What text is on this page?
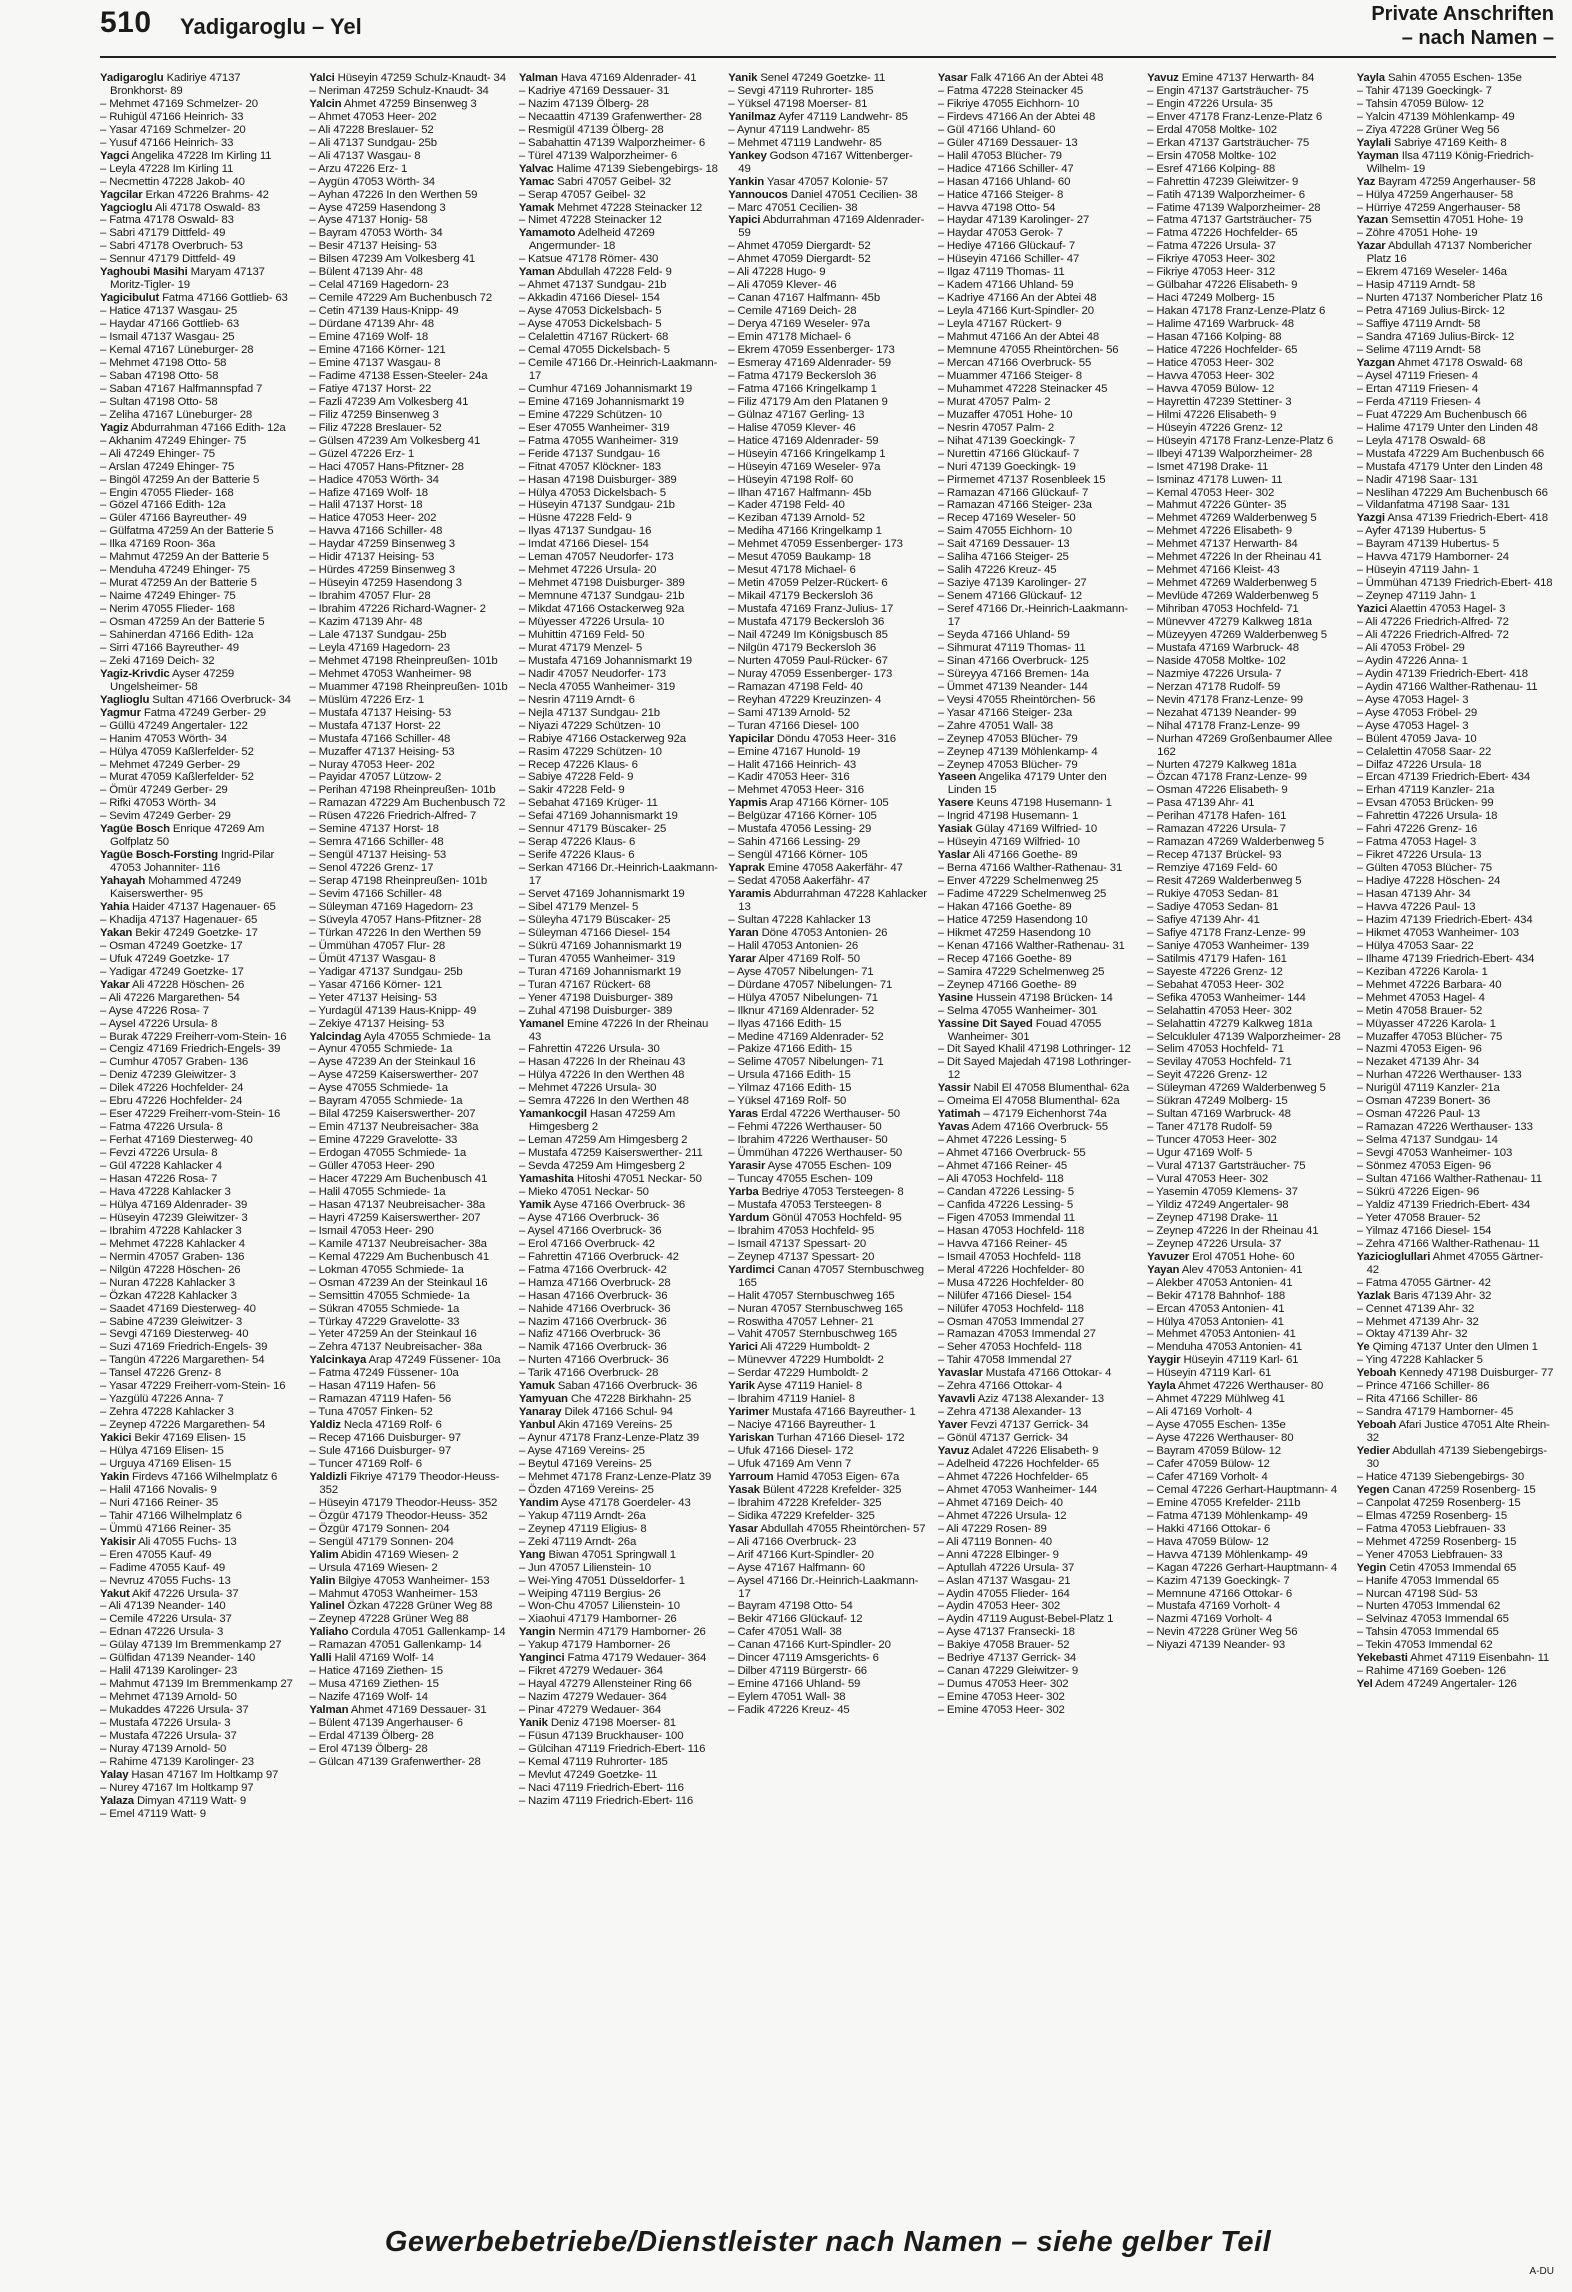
510 Yadigaroglu – Yel	Private Anschriften
– nach Namen –

Yadigaroglu Kadiriye 47137 Bronkhorst- 89

– Mehmet 47169 Schmelzer- 20

– Ruhigül 47166 Heinrich- 33

– Yasar 47169 Schmelzer- 20

– Yusuf 47166 Heinrich- 33

Yagci Angelika 47228 Im Kirling 11

– Leyla 47228 Im Kirling 11

– Necmettin 47228 Jakob- 40

Yagcilar Erkan 47226 Brahms- 42

Yagcioglu Ali 47178 Oswald- 83

– Fatma 47178 Oswald- 83

– Sabri 47179 Dittfeld- 49

– Sabri 47178 Overbruch- 53

– Sennur 47179 Dittfeld- 49

Yaghoubi Masihi Maryam 47137 Moritz-Tigler- 19

Yagicibulut Fatma 47166 Gottlieb- 63

– Hatice 47137 Wasgau- 25

– Haydar 47166 Gottlieb- 63

– Ismail 47137 Wasgau- 25

– Kemal 47167 Lüneburger- 28

– Mehmet 47198 Otto- 58

– Saban 47198 Otto- 58

– Saban 47167 Halfmannspfad 7

– Sultan 47198 Otto- 58

– Zeliha 47167 Lüneburger- 28

Yagiz Abdurrahman 47166 Edith- 12a

– Akhanim 47249 Ehinger- 75

– Ali 47249 Ehinger- 75

– Arslan 47249 Ehinger- 75

– Bingöl 47259 An der Batterie 5

– Engin 47055 Flieder- 168

– Gözel 47166 Edith- 12a

– Güler 47166 Bayreuther- 49

– Gülfatma 47259 An der Batterie 5

– Ilka 47169 Roon- 36a

– Mahmut 47259 An der Batterie 5

– Menduha 47249 Ehinger- 75

– Murat 47259 An der Batterie 5

– Naime 47249 Ehinger- 75

– Nerim 47055 Flieder- 168

– Osman 47259 An der Batterie 5

– Sahinerdan 47166 Edith- 12a

– Sirri 47166 Bayreuther- 49

– Zeki 47169 Deich- 32

Yagiz-Krivdic Ayser 47259 Ungelsheimer- 58

Yaglioglu Sultan 47166 Overbruck- 34

Yagmur Fatma 47249 Gerber- 29

– Güllü 47249 Angertaler- 122

– Hanim 47053 Wörth- 34

– Hülya 47059 Kaßlerfelder- 52

– Mehmet 47249 Gerber- 29

– Murat 47059 Kaßlerfelder- 52

– Ömür 47249 Gerber- 29

– Rifki 47053 Wörth- 34

– Sevim 47249 Gerber- 29

Yagüe Bosch Enrique 47269 Am Golfplatz 50

Yagüe Bosch-Forsting Ingrid-Pilar 47053 Johanniter- 116

Yahayah Mohammed 47249 Kaiserswerther- 95

Yahia Haider 47137 Hagenauer- 65

– Khadija 47137 Hagenauer- 65

Yakan Bekir 47249 Goetzke- 17

– Osman 47249 Goetzke- 17

– Ufuk 47249 Goetzke- 17

– Yadigar 47249 Goetzke- 17

Yakar Ali 47228 Höschen- 26

– Ali 47226 Margarethen- 54

– Ayse 47226 Rosa- 7

– Aysel 47226 Ursula- 8

– Burak 47229 Freiherr-vom-Stein- 16

– Cengiz 47169 Friedrich-Engels- 39

– Cumhur 47057 Graben- 136

– Deniz 47239 Gleiwitzer- 3

– Dilek 47226 Hochfelder- 24

– Ebru 47226 Hochfelder- 24

– Eser 47229 Freiherr-vom-Stein- 16

– Fatma 47226 Ursula- 8

– Ferhat 47169 Diesterweg- 40

– Fevzi 47226 Ursula- 8

– Gül 47228 Kahlacker 4

– Hasan 47226 Rosa- 7

– Hava 47228 Kahlacker 3

– Hülya 47169 Aldenrader- 39

– Hüseyin 47239 Gleiwitzer- 3

– Ibrahim 47228 Kahlacker 3

– Mehmet 47228 Kahlacker 4

– Nermin 47057 Graben- 136

– Nilgün 47228 Höschen- 26

– Nuran 47228 Kahlacker 3

– Özkan 47228 Kahlacker 3

– Saadet 47169 Diesterweg- 40

– Sabine 47239 Gleiwitzer- 3

– Sevgi 47169 Diesterweg- 40

– Suzi 47169 Friedrich-Engels- 39

– Tangün 47226 Margarethen- 54

– Tansel 47226 Grenz- 8

– Yasar 47229 Freiherr-vom-Stein- 16

– Yazgülü 47226 Anna- 7

– Zehra 47228 Kahlacker 3

– Zeynep 47226 Margarethen- 54

Yakici Bekir 47169 Elisen- 15

– Hülya 47169 Elisen- 15

– Urguya 47169 Elisen- 15

Yakin Firdevs 47166 Wilhelmplatz 6

– Halil 47166 Novalis- 9

– Nuri 47166 Reiner- 35

– Tahir 47166 Wilhelmplatz 6

– Ümmü 47166 Reiner- 35

Yakisir Ali 47055 Fuchs- 13

– Eren 47055 Kauf- 49

– Fadime 47055 Kauf- 49

– Nevruz 47055 Fuchs- 13

Yakut Akif 47226 Ursula- 37

– Ali 47139 Neander- 140

– Cemile 47226 Ursula- 37

– Ednan 47226 Ursula- 3

– Gülay 47139 Im Bremmenkamp 27

– Gülfidan 47139 Neander- 140

– Halil 47139 Karolinger- 23

– Mahmut 47139 Im Bremmenkamp 27

– Mehmet 47139 Arnold- 50

– Mukaddes 47226 Ursula- 37

– Mustafa 47226 Ursula- 3

– Mustafa 47226 Ursula- 37

– Nuray 47139 Arnold- 50

– Rahime 47139 Karolinger- 23

Yalay Hasan 47167 Im Holtkamp 97

– Nurey 47167 Im Holtkamp 97

Yalaza Dimyan 47119 Watt- 9

– Emel 47119 Watt- 9

Yalci Hüseyin 47259 Schulz-Knaudt- 34

– Neriman 47259 Schulz-Knaudt- 34

Yalcin Ahmet 47259 Binsenweg 3

– Ahmet 47053 Heer- 202

– Ali 47228 Breslauer- 52

– Ali 47137 Sundgau- 25b

– Ali 47137 Wasgau- 8

– Arzu 47226 Erz- 1

– Aygün 47053 Wörth- 34

– Ayhan 47226 In den Werthen 59

– Ayse 47259 Hasendong 3

– Ayse 47137 Honig- 58

– Bayram 47053 Wörth- 34

– Besir 47137 Heising- 53

– Bilsen 47239 Am Volkesberg 41

– Bülent 47139 Ahr- 48

– Celal 47169 Hagedorn- 23

– Cemile 47229 Am Buchenbusch 72

– Cetin 47139 Haus-Knipp- 49

– Dürdane 47139 Ahr- 48

– Emine 47169 Wolf- 18

– Emine 47166 Körner- 121

– Emine 47137 Wasgau- 8

– Fadime 47138 Essen-Steeler- 24a

– Fatiye 47137 Horst- 22

– Fazli 47239 Am Volkesberg 41

– Filiz 47259 Binsenweg 3

– Filiz 47228 Breslauer- 52

– Gülsen 47239 Am Volkesberg 41

– Güzel 47226 Erz- 1

– Haci 47057 Hans-Pfitzner- 28

– Hadice 47053 Wörth- 34

– Hafize 47169 Wolf- 18

– Halil 47137 Horst- 18

– Hatice 47053 Heer- 202

– Havva 47166 Schiller- 48

– Haydar 47259 Binsenweg 3

– Hidir 47137 Heising- 53

– Hürdes 47259 Binsenweg 3

– Hüseyin 47259 Hasendong 3

– Ibrahim 47057 Flur- 28

– Ibrahim 47226 Richard-Wagner- 2

– Kazim 47139 Ahr- 48

– Lale 47137 Sundgau- 25b

– Leyla 47169 Hagedorn- 23

– Mehmet 47198 Rheinpreußen- 101b

– Mehmet 47053 Wanheimer- 98

– Muammer 47198 Rheinpreußen- 101b

– Müslüm 47226 Erz- 1

– Mustafa 47137 Heising- 53

– Mustafa 47137 Horst- 22

– Mustafa 47166 Schiller- 48

– Muzaffer 47137 Heising- 53

– Nuray 47053 Heer- 202

– Payidar 47057 Lützow- 2

– Perihan 47198 Rheinpreußen- 101b

– Ramazan 47229 Am Buchenbusch 72

– Rüsen 47226 Friedrich-Alfred- 7

– Semine 47137 Horst- 18

– Semra 47166 Schiller- 48

– Sengül 47137 Heising- 53

– Senol 47226 Grenz- 17

– Serap 47198 Rheinpreußen- 101b

– Sevim 47166 Schiller- 48

– Süleyman 47169 Hagedorn- 23

– Süveyla 47057 Hans-Pfitzner- 28

– Türkan 47226 In den Werthen 59

– Ümmühan 47057 Flur- 28

– Ümüt 47137 Wasgau- 8

– Yadigar 47137 Sundgau- 25b

– Yasar 47166 Körner- 121

– Yeter 47137 Heising- 53

– Yurdagül 47139 Haus-Knipp- 49

– Zekiye 47137 Heising- 53

Yalcindag Ayla 47055 Schmiede- 1a

– Aynur 47055 Schmiede- 1a

– Ayse 47239 An der Steinkaul 16

– Ayse 47259 Kaiserswerther- 207

– Ayse 47055 Schmiede- 1a

– Bayram 47055 Schmiede- 1a

– Bilal 47259 Kaiserswerther- 207

– Emin 47137 Neubreisacher- 38a

– Emine 47229 Gravelotte- 33

– Erdogan 47055 Schmiede- 1a

– Güller 47053 Heer- 290

– Hacer 47229 Am Buchenbusch 41

– Halil 47055 Schmiede- 1a

– Hasan 47137 Neubreisacher- 38a

– Hayri 47259 Kaiserswerther- 207

– Ismail 47053 Heer- 290

– Kamile 47137 Neubreisacher- 38a

– Kemal 47229 Am Buchenbusch 41

– Lokman 47055 Schmiede- 1a

– Osman 47239 An der Steinkaul 16

– Semsittin 47055 Schmiede- 1a

– Sükran 47055 Schmiede- 1a

– Türkay 47229 Gravelotte- 33

– Yeter 47259 An der Steinkaul 16

– Zehra 47137 Neubreisacher- 38a

Yalcinkaya Arap 47249 Füssener- 10a

– Fatma 47249 Füssener- 10a

– Hasan 47119 Hafen- 56

– Ramazan 47119 Hafen- 56

– Tuna 47057 Finken- 52

Yaldiz Necla 47169 Rolf- 6

– Recep 47166 Duisburger- 97

– Sule 47166 Duisburger- 97

– Tuncer 47169 Rolf- 6

Yaldizli Fikriye 47179 Theodor-Heuss- 352

– Hüseyin 47179 Theodor-Heuss- 352

– Özgür 47179 Theodor-Heuss- 352

– Özgür 47179 Sonnen- 204

– Sengül 47179 Sonnen- 204

Yalim Abidin 47169 Wiesen- 2

– Ursula 47169 Wiesen- 2

Yalin Bilgiye 47053 Wanheimer- 153

– Mahmut 47053 Wanheimer- 153

Yalinel Özkan 47228 Grüner Weg 88

– Zeynep 47228 Grüner Weg 88

Yaliaho Cordula 47051 Gallenkamp- 14

– Ramazan 47051 Gallenkamp- 14

Yalli Halil 47169 Wolf- 14

– Hatice 47169 Ziethen- 15

– Musa 47169 Ziethen- 15

– Nazife 47169 Wolf- 14

Yalman Ahmet 47169 Dessauer- 31

– Bülent 47139 Angerhauser- 6

– Erdal 47139 Ölberg- 28

– Erol 47139 Ölberg- 28

– Gülcan 47139 Grafenwerther- 28

Yalman Hava 47169 Aldenrader- 41

– Kadriye 47169 Dessauer- 31

– Nazim 47139 Ölberg- 28

– Necaattin 47139 Grafenwerther- 28

– Resmigül 47139 Ölberg- 28

– Sabahattin 47139 Walporzheimer- 6

– Türel 47139 Walporzheimer- 6

Yalvac Halime 47139 Siebengebirgs- 18

Yamac Sabri 47057 Geibel- 32

– Serap 47057 Geibel- 32

Yamak Mehmet 47228 Steinacker 12

– Nimet 47228 Steinacker 12

Yamamoto Adelheid 47269 Angermunder- 18

– Katsue 47178 Römer- 430

Yaman Abdullah 47228 Feld- 9

– Ahmet 47137 Sundgau- 21b

– Akkadin 47166 Diesel- 154

– Ayse 47053 Dickelsbach- 5

– Ayse 47053 Dickelsbach- 5

– Celalettin 47167 Rückert- 68

– Cemal 47055 Dickelsbach- 5

– Cemile 47166 Dr.-Heinrich-Laakmann- 17

– Cumhur 47169 Johannismarkt 19

– Emine 47169 Johannismarkt 19

– Emine 47229 Schützen- 10

– Eser 47055 Wanheimer- 319

– Fatma 47055 Wanheimer- 319

– Feride 47137 Sundgau- 16

– Fitnat 47057 Klöckner- 183

– Hasan 47198 Duisburger- 389

– Hülya 47053 Dickelsbach- 5

– Hüseyin 47137 Sundgau- 21b

– Hüsne 47228 Feld- 9

– Ilyas 47137 Sundgau- 16

– Imdat 47166 Diesel- 154

– Leman 47057 Neudorfer- 173

– Mehmet 47226 Ursula- 20

– Mehmet 47198 Duisburger- 389

– Memnune 47137 Sundgau- 21b

– Mikdat 47166 Ostackerweg 92a

– Müyesser 47226 Ursula- 10

– Muhittin 47169 Feld- 50

– Murat 47179 Menzel- 5

– Mustafa 47169 Johannismarkt 19

– Nadir 47057 Neudorfer- 173

– Necla 47055 Wanheimer- 319

– Nesrin 47119 Arndt- 6

– Nejla 47137 Sundgau- 21b

– Niyazi 47229 Schützen- 10

– Rabiye 47166 Ostackerweg 92a

– Rasim 47229 Schützen- 10

– Recep 47226 Klaus- 6

– Sabiye 47228 Feld- 9

– Sakir 47228 Feld- 9

– Sebahat 47169 Krüger- 11

– Sefai 47169 Johannismarkt 19

– Sennur 47179 Büscaker- 25

– Serap 47226 Klaus- 6

– Serife 47226 Klaus- 6

– Serkan 47166 Dr.-Heinrich-Laakmann- 17

– Servet 47169 Johannismarkt 19

– Sibel 47179 Menzel- 5

– Süleyha 47179 Büscaker- 25

– Süleyman 47166 Diesel- 154

– Sükrü 47169 Johannismarkt 19

– Turan 47055 Wanheimer- 319

– Turan 47169 Johannismarkt 19

– Turan 47167 Rückert- 68

– Yener 47198 Duisburger- 389

– Zuhal 47198 Duisburger- 389

Yamanel Emine 47226 In der Rheinau 43

– Fahrettin 47226 Ursula- 30

– Hasan 47226 In der Rheinau 43

– Hülya 47226 In den Werthen 48

– Mehmet 47226 Ursula- 30

– Semra 47226 In den Werthen 48

Yamankocgil Hasan 47259 Am Himgesberg 2

– Leman 47259 Am Himgesberg 2

– Mustafa 47259 Kaiserswerther- 211

– Sevda 47259 Am Himgesberg 2

Yamashita Hitoshi 47051 Neckar- 50

– Mieko 47051 Neckar- 50

Yamik Ayse 47166 Overbruck- 36

– Ayse 47166 Overbruck- 36

– Aysel 47166 Overbruck- 36

– Erol 47166 Overbruck- 42

– Fahrettin 47166 Overbruck- 42

– Fatma 47166 Overbruck- 42

– Hamza 47166 Overbruck- 28

– Hasan 47166 Overbruck- 36

– Nahide 47166 Overbruck- 36

– Nazim 47166 Overbruck- 36

– Nafiz 47166 Overbruck- 36

– Namik 47166 Overbruck- 36

– Nurten 47166 Overbruck- 36

– Tarik 47166 Overbruck- 28

Yamuk Saban 47166 Overbruck- 36

Yamyuan Che 47228 Birkhahn- 25

Yanaray Dilek 47166 Schul- 94

Yanbul Akin 47169 Vereins- 25

– Aynur 47178 Franz-Lenze-Platz 39

– Ayse 47169 Vereins- 25

– Beytul 47169 Vereins- 25

– Mehmet 47178 Franz-Lenze-Platz 39

– Özden 47169 Vereins- 25

Yandim Ayse 47178 Goerdeler- 43

– Yakup 47119 Arndt- 26a

– Zeynep 47119 Eligius- 8

– Zeki 47119 Arndt- 26a

Yang Biwan 47051 Springwall 1

– Jun 47057 Lilienstein- 10

– Wei-Ying 47051 Düsseldorfer- 1

– Weiping 47119 Bergius- 26

– Won-Chu 47057 Lilienstein- 10

– Xiaohui 47179 Hamborner- 26

Yangin Nermin 47179 Hamborner- 26

– Yakup 47179 Hamborner- 26

Yanginci Fatma 47179 Wedauer- 364

– Fikret 47279 Wedauer- 364

– Hayal 47279 Allensteiner Ring 66

– Nazim 47279 Wedauer- 364

– Pinar 47279 Wedauer- 364

Yanik Deniz 47198 Moerser- 81

– Füsun 47139 Bruckhauser- 100

– Gülcihan 47119 Friedrich-Ebert- 116

– Kemal 47119 Ruhrorter- 185

– Mevlut 47249 Goetzke- 11

– Naci 47119 Friedrich-Ebert- 116

– Nazim 47119 Friedrich-Ebert- 116

Yanik Senel 47249 Goetzke- 11

– Sevgi 47119 Ruhrorter- 185

– Yüksel 47198 Moerser- 81

Yanilmaz Ayfer 47119 Landwehr- 85

– Aynur 47119 Landwehr- 85

– Mehmet 47119 Landwehr- 85

Yankey Godson 47167 Wittenberger- 49

Yankin Yasar 47057 Kolonie- 57

Yannoucos Daniel 47051 Cecilien- 38

– Marc 47051 Cecilien- 38

Yapici Abdurrahman 47169 Aldenrader- 59

– Ahmet 47059 Diergardt- 52

– Ahmet 47059 Diergardt- 52

– Ali 47228 Hugo- 9

– Ali 47059 Klever- 46

– Canan 47167 Halfmann- 45b

– Cemile 47169 Deich- 28

– Derya 47169 Weseler- 97a

– Emin 47178 Michael- 6

– Ekrem 47059 Essenberger- 173

– Esmeray 47169 Aldenrader- 59

– Fatma 47179 Beckersloh 36

– Fatma 47166 Kringelkamp 1

– Filiz 47179 Am den Platanen 9

– Gülnaz 47167 Gerling- 13

– Halise 47059 Klever- 46

– Hatice 47169 Aldenrader- 59

– Hüseyin 47166 Kringelkamp 1

– Hüseyin 47169 Weseler- 97a

– Hüseyin 47198 Rolf- 60

– Ilhan 47167 Halfmann- 45b

– Kader 47198 Feld- 40

– Keziban 47139 Arnold- 52

– Mediha 47166 Kringelkamp 1

– Mehmet 47059 Essenberger- 173

– Mesut 47059 Baukamp- 18

– Mesut 47178 Michael- 6

– Metin 47059 Pelzer-Rückert- 6

– Mikail 47179 Beckersloh 36

– Mustafa 47169 Franz-Julius- 17

– Mustafa 47179 Beckersloh 36

– Nail 47249 Im Königsbusch 85

– Nilgün 47179 Beckersloh 36

– Nurten 47059 Paul-Rücker- 67

– Nuray 47059 Essenberger- 173

– Ramazan 47198 Feld- 40

– Reyhan 47229 Kreuzinzen- 4

– Sami 47139 Arnold- 52

– Turan 47166 Diesel- 100

Yapicilar Döndu 47053 Heer- 316

– Emine 47167 Hunold- 19

– Halit 47166 Heinrich- 43

– Kadir 47053 Heer- 316

– Mehmet 47053 Heer- 316

Yapmis Arap 47166 Körner- 105

– Belgüzar 47166 Körner- 105

– Mustafa 47056 Lessing- 29

– Sahin 47166 Lessing- 29

– Sengül 47166 Körner- 105

Yaprak Emine 47058 Aakerfähr- 47

– Sedat 47058 Aakerfähr- 47

Yaramis Abdurrahman 47228 Kahlacker 13

– Sultan 47228 Kahlacker 13

Yaran Döne 47053 Antonien- 26

– Halil 47053 Antonien- 26

Yarar Alper 47169 Rolf- 50

– Ayse 47057 Nibelungen- 71

– Dürdane 47057 Nibelungen- 71

– Hülya 47057 Nibelungen- 71

– Ilknur 47169 Aldenrader- 52

– Ilyas 47166 Edith- 15

– Medine 47169 Aldenrader- 52

– Pakize 47166 Edith- 15

– Selime 47057 Nibelungen- 71

– Ursula 47166 Edith- 15

– Yilmaz 47166 Edith- 15

– Yüksel 47169 Rolf- 50

Yaras Erdal 47226 Werthauser- 50

– Fehmi 47226 Werthauser- 50

– Ibrahim 47226 Werthauser- 50

– Ümmühan 47226 Werthauser- 50

Yarasir Ayse 47055 Eschen- 109

– Tuncay 47055 Eschen- 109

Yarba Bedriye 47053 Tersteegen- 8

– Mustafa 47053 Tersteegen- 8

Yardum Gönül 47053 Hochfeld- 95

– Ibrahim 47053 Hochfeld- 95

– Ismail 47137 Spessart- 20

– Zeynep 47137 Spessart- 20

Yardimci Canan 47057 Sternbuschweg 165

– Halit 47057 Sternbuschweg 165

– Nuran 47057 Sternbuschweg 165

– Roswitha 47057 Lehner- 21

– Vahit 47057 Sternbuschweg 165

Yarici Ali 47229 Humboldt- 2

– Münevver 47229 Humboldt- 2

– Serdar 47229 Humboldt- 2

Yarik Ayse 47119 Haniel- 8

– Ibrahim 47119 Haniel- 8

Yarimer Mustafa 47166 Bayreuther- 1

– Naciye 47166 Bayreuther- 1

Yariskan Turhan 47166 Diesel- 172

– Ufuk 47166 Diesel- 172

– Ufuk 47169 Am Venn 7

Yarroum Hamid 47053 Eigen- 67a

Yasak Bülent 47228 Krefelder- 325

– Ibrahim 47228 Krefelder- 325

– Sidika 47229 Krefelder- 325

Yasar Abdullah 47055 Rheintörchen- 57

– Ali 47166 Overbruck- 23

– Arif 47166 Kurt-Spindler- 20

– Ayse 47167 Halfmann- 60

– Aysel 47166 Dr.-Heinrich-Laakmann- 17

– Bayram 47198 Otto- 54

– Bekir 47166 Glückauf- 12

– Cafer 47051 Wall- 38

– Canan 47166 Kurt-Spindler- 20

– Dincer 47119 Amsgerichts- 6

– Dilber 47119 Bürgerstr- 66

– Emine 47166 Uhland- 59

– Eylem 47051 Wall- 38

– Fadik 47226 Kreuz- 45

Yasar Falk 47166 An der Abtei 48

– Fatma 47228 Steinacker 45

– Fikriye 47055 Eichhorn- 10

– Firdevs 47166 An der Abtei 48

– Gül 47166 Uhland- 60

– Güler 47169 Dessauer- 13

– Halil 47053 Blücher- 79

– Hadice 47166 Schiller- 47

– Hasan 47166 Uhland- 60

– Hatice 47166 Steiger- 8

– Havva 47198 Otto- 54

– Haydar 47139 Karolinger- 27

– Haydar 47053 Gerok- 7

– Hediye 47166 Glückauf- 7

– Hüseyin 47166 Schiller- 47

– Ilgaz 47119 Thomas- 11

– Kadem 47166 Uhland- 59

– Kadriye 47166 An der Abtei 48

– Leyla 47166 Kurt-Spindler- 20

– Leyla 47167 Rückert- 9

– Mahmut 47166 An der Abtei 48

– Memnune 47055 Rheintörchen- 56

– Mercan 47166 Overbruck- 55

– Muammer 47166 Steiger- 8

– Muhammet 47228 Steinacker 45

– Murat 47057 Palm- 2

– Muzaffer 47051 Hohe- 10

– Nesrin 47057 Palm- 2

– Nihat 47139 Goeckingk- 7

– Nurettin 47166 Glückauf- 7

– Nuri 47139 Goeckingk- 19

– Pirmemet 47137 Rosenbleek 15

– Ramazan 47166 Glückauf- 7

– Ramazan 47166 Steiger- 23a

– Recep 47169 Weseler- 50

– Saim 47055 Eichhorn- 10

– Sait 47169 Dessauer- 13

– Saliha 47166 Steiger- 25

– Salih 47226 Kreuz- 45

– Saziye 47139 Karolinger- 27

– Senem 47166 Glückauf- 12

– Seref 47166 Dr.-Heinrich-Laakmann- 17

– Seyda 47166 Uhland- 59

– Sihmurat 47119 Thomas- 11

– Sinan 47166 Overbruck- 125

– Süreyya 47166 Bremen- 14a

– Ümmet 47139 Neander- 144

– Veysi 47055 Rheintörchen- 56

– Yasar 47166 Steiger- 23a

– Zahre 47051 Wall- 38

– Zeynep 47053 Blücher- 79

– Zeynep 47139 Möhlenkamp- 4

– Zeynep 47053 Blücher- 79

Yaseen Angelika 47179 Unter den Linden 15

Yasere Keuns 47198 Husemann- 1

– Ingrid 47198 Husemann- 1

Yasiak Gülay 47169 Wilfried- 10

– Hüseyin 47169 Wilfried- 10

Yaslar Ali 47166 Goethe- 89

– Berna 47166 Walther-Rathenau- 31

– Enver 47229 Schelmenweg 25

– Fadime 47229 Schelmenweg 25

– Hakan 47166 Goethe- 89

– Hatice 47259 Hasendong 10

– Hikmet 47259 Hasendong 10

– Kenan 47166 Walther-Rathenau- 31

– Recep 47166 Goethe- 89

– Samira 47229 Schelmenweg 25

– Zeynep 47166 Goethe- 89

Yasine Hussein 47198 Brücken- 14

– Selma 47055 Wanheimer- 301

Yassine Dit Sayed Fouad 47055 Wanheimer- 301

– Dit Sayed Khalil 47198 Lothringer- 12

– Dit Sayed Majedah 47198 Lothringer- 12

Yassir Nabil El 47058 Blumenthal- 62a

– Omeima El 47058 Blumenthal- 62a

Yatimah – 47179 Eichenhorst 74a

Yavas Adem 47166 Overbruck- 55

– Ahmet 47226 Lessing- 5

– Ahmet 47166 Overbruck- 55

– Ahmet 47166 Reiner- 45

– Ali 47053 Hochfeld- 118

– Candan 47226 Lessing- 5

– Canfida 47226 Lessing- 5

– Figen 47053 Immendal 11

– Hasan 47053 Hochfeld- 118

– Havva 47166 Reiner- 45

– Ismail 47053 Hochfeld- 118

– Meral 47226 Hochfelder- 80

– Musa 47226 Hochfelder- 80

– Nilüfer 47166 Diesel- 154

– Nilüfer 47053 Hochfeld- 118

– Osman 47053 Immendal 27

– Ramazan 47053 Immendal 27

– Seher 47053 Hochfeld- 118

– Tahir 47058 Immendal 27

Yavaslar Mustafa 47166 Ottokar- 4

– Zehra 47166 Ottokar- 4

Yavavli Aziz 47138 Alexander- 13

– Zehra 47138 Alexander- 13

Yaver Fevzi 47137 Gerrick- 34

– Gönül 47137 Gerrick- 34

Yavuz Adalet 47226 Elisabeth- 9

– Adelheid 47226 Hochfelder- 65

– Ahmet 47226 Hochfelder- 65

– Ahmet 47053 Wanheimer- 144

– Ahmet 47169 Deich- 40

– Ahmet 47226 Ursula- 12

– Ali 47229 Rosen- 89

– Ali 47119 Bonnen- 40

– Anni 47228 Elbinger- 9

– Aptullah 47226 Ursula- 37

– Aslan 47137 Wasgau- 21

– Aydin 47055 Flieder- 164

– Aydin 47053 Heer- 302

– Aydin 47119 August-Bebel-Platz 1

– Ayse 47137 Fransecki- 18

– Bakiye 47058 Brauer- 52

– Bedriye 47137 Gerrick- 34

– Canan 47229 Gleiwitzer- 9

– Dumus 47053 Heer- 302

– Emine 47053 Heer- 302

– Emine 47053 Heer- 302

Yavuz Emine 47137 Herwarth- 84

– Engin 47137 Gartsträucher- 75

– Engin 47226 Ursula- 35

– Enver 47178 Franz-Lenze-Platz 6

– Erdal 47058 Moltke- 102

– Erkan 47137 Gartsträucher- 75

– Ersin 47058 Moltke- 102

– Esref 47166 Kolping- 88

– Fahrettin 47239 Gleiwitzer- 9

– Fatih 47139 Walporzheimer- 6

– Fatime 47139 Walporzheimer- 28

– Fatma 47137 Gartsträucher- 75

– Fatma 47226 Hochfelder- 65

– Fatma 47226 Ursula- 37

– Fikriye 47053 Heer- 302

– Fikriye 47053 Heer- 312

– Gülbahar 47226 Elisabeth- 9

– Haci 47249 Molberg- 15

– Hakan 47178 Franz-Lenze-Platz 6

– Halime 47169 Warbruck- 48

– Hasan 47166 Kolping- 88

– Hatice 47226 Hochfelder- 65

– Hatice 47053 Heer- 302

– Havva 47053 Heer- 302

– Havva 47059 Bülow- 12

– Hayrettin 47239 Stettiner- 3

– Hilmi 47226 Elisabeth- 9

– Hüseyin 47226 Grenz- 12

– Hüseyin 47178 Franz-Lenze-Platz 6

– Ilbeyi 47139 Walporzheimer- 28

– Ismet 47198 Drake- 11

– Isminaz 47178 Luwen- 11

– Kemal 47053 Heer- 302

– Mahmut 47226 Günter- 35

– Mehmet 47269 Walderbenweg 5

– Mehmet 47226 Elisabeth- 9

– Mehmet 47137 Herwarth- 84

– Mehmet 47226 In der Rheinau 41

– Mehmet 47166 Kleist- 43

– Mehmet 47269 Walderbenweg 5

– Mevlüde 47269 Walderbenweg 5

– Mihriban 47053 Hochfeld- 71

– Münevver 47279 Kalkweg 181a

– Müzeyyen 47269 Walderbenweg 5

– Mustafa 47169 Warbruck- 48

– Naside 47058 Moltke- 102

– Nazmiye 47226 Ursula- 7

– Nerzan 47178 Rudolf- 59

– Nevin 47178 Franz-Lenze- 99

– Nezahat 47139 Neander- 99

– Nihal 47178 Franz-Lenze- 99

– Nurhan 47269 Großenbaumer Allee 162

– Nurten 47279 Kalkweg 181a

– Özcan 47178 Franz-Lenze- 99

– Osman 47226 Elisabeth- 9

– Pasa 47139 Ahr- 41

– Perihan 47178 Hafen- 161

– Ramazan 47226 Ursula- 7

– Ramazan 47269 Walderbenweg 5

– Recep 47137 Brückel- 93

– Remziye 47169 Feld- 60

– Resit 47269 Walderbenweg 5

– Rukiye 47053 Sedan- 81

– Sadiye 47053 Sedan- 81

– Safiye 47139 Ahr- 41

– Safiye 47178 Franz-Lenze- 99

– Saniye 47053 Wanheimer- 139

– Satilmis 47179 Hafen- 161

– Sayeste 47226 Grenz- 12

– Sebahat 47053 Heer- 302

– Sefika 47053 Wanheimer- 144

– Selahattin 47053 Heer- 302

– Selahattin 47279 Kalkweg 181a

– Selcukluler 47139 Walporzheimer- 28

– Selim 47053 Hochfeld- 71

– Sevilay 47053 Hochfeld- 71

– Seyit 47226 Grenz- 12

– Süleyman 47269 Walderbenweg 5

– Sükran 47249 Molberg- 15

– Sultan 47169 Warbruck- 48

– Taner 47178 Rudolf- 59

– Tuncer 47053 Heer- 302

– Ugur 47169 Wolf- 5

– Vural 47137 Gartsträucher- 75

– Vural 47053 Heer- 302

– Yasemin 47059 Klemens- 37

– Yildiz 47249 Angertaler- 98

– Zeynep 47198 Drake- 11

– Zeynep 47226 In der Rheinau 41

– Zeynep 47226 Ursula- 37

Yavuzer Erol 47051 Hohe- 60

Yayan Alev 47053 Antonien- 41

– Alekber 47053 Antonien- 41

– Bekir 47178 Bahnhof- 188

– Ercan 47053 Antonien- 41

– Hülya 47053 Antonien- 41

– Mehmet 47053 Antonien- 41

– Menduha 47053 Antonien- 41

Yaygir Hüseyin 47119 Karl- 61

– Hüseyin 47119 Karl- 61

Yayla Ahmet 47226 Werthauser- 80

– Ahmet 47229 Mühlweg 41

– Ali 47169 Vorholt- 4

– Ayse 47055 Eschen- 135e

– Ayse 47226 Werthauser- 80

– Bayram 47059 Bülow- 12

– Cafer 47059 Bülow- 12

– Cafer 47169 Vorholt- 4

– Cemal 47226 Gerhart-Hauptmann- 4

– Emine 47055 Krefelder- 211b

– Fatma 47139 Möhlenkamp- 49

– Hakki 47166 Ottokar- 6

– Hava 47059 Bülow- 12

– Havva 47139 Möhlenkamp- 49

– Kagan 47226 Gerhart-Hauptmann- 4

– Kazim 47139 Goeckingk- 7

– Memnune 47166 Ottokar- 6

– Mustafa 47169 Vorholt- 4

– Nazmi 47169 Vorholt- 4

– Nevin 47228 Grüner Weg 56

– Niyazi 47139 Neander- 93

Yayla Sahin 47055 Eschen- 135e

– Tahir 47139 Goeckingk- 7

– Tahsin 47059 Bülow- 12

– Yalcin 47139 Möhlenkamp- 49

– Ziya 47228 Grüner Weg 56

Yaylali Sabriye 47169 Keith- 8

Yayman Ilsa 47119 König-Friedrich-Wilhelm- 19

Yaz Bayram 47259 Angerhauser- 58

– Hülya 47259 Angerhauser- 58

– Hürriye 47259 Angerhauser- 58

Yazan Semsettin 47051 Hohe- 19

– Zöhre 47051 Hohe- 19

Yazar Abdullah 47137 Nombericher Platz 16

– Ekrem 47169 Weseler- 146a

– Hasip 47119 Arndt- 58

– Nurten 47137 Nombericher Platz 16

– Petra 47169 Julius-Birck- 12

– Saffiye 47119 Arndt- 58

– Sandra 47169 Julius-Birck- 12

– Selime 47119 Arndt- 58

Yazgan Ahmet 47178 Oswald- 68

– Aysel 47119 Friesen- 4

– Ertan 47119 Friesen- 4

– Ferda 47119 Friesen- 4

– Fuat 47229 Am Buchenbusch 66

– Halime 47179 Unter den Linden 48

– Leyla 47178 Oswald- 68

– Mustafa 47229 Am Buchenbusch 66

– Mustafa 47179 Unter den Linden 48

– Nadir 47198 Saar- 131

– Neslihan 47229 Am Buchenbusch 66

– Vildanfatma 47198 Saar- 131

Yazgi Ansa 47139 Friedrich-Ebert- 418

– Ayfer 47139 Hubertus- 5

– Bayram 47139 Hubertus- 5

– Havva 47179 Hamborner- 24

– Hüseyin 47119 Jahn- 1

– Ümmühan 47139 Friedrich-Ebert- 418

– Zeynep 47119 Jahn- 1

Yazici Alaettin 47053 Hagel- 3

– Ali 47226 Friedrich-Alfred- 72

– Ali 47226 Friedrich-Alfred- 72

– Ali 47053 Fröbel- 29

– Aydin 47226 Anna- 1

– Aydin 47139 Friedrich-Ebert- 418

– Aydin 47166 Walther-Rathenau- 11

– Ayse 47053 Hagel- 3

– Ayse 47053 Fröbel- 29

– Ayse 47053 Hagel- 3

– Bülent 47059 Java- 10

– Celalettin 47058 Saar- 22

– Dilfaz 47226 Ursula- 18

– Ercan 47139 Friedrich-Ebert- 434

– Erhan 47119 Kanzler- 21a

– Evsan 47053 Brücken- 99

– Fahrettin 47226 Ursula- 18

– Fahri 47226 Grenz- 16

– Fatma 47053 Hagel- 3

– Fikret 47226 Ursula- 13

– Gülten 47053 Blücher- 75

– Hadiye 47228 Höschen- 24

– Hasan 47139 Ahr- 34

– Havva 47226 Paul- 13

– Hazim 47139 Friedrich-Ebert- 434

– Hikmet 47053 Wanheimer- 103

– Hülya 47053 Saar- 22

– Ilhame 47139 Friedrich-Ebert- 434

– Keziban 47226 Karola- 1

– Mehmet 47226 Barbara- 40

– Mehmet 47053 Hagel- 4

– Metin 47058 Brauer- 52

– Müyasser 47226 Karola- 1

– Muzaffer 47053 Blücher- 75

– Nazmi 47053 Eigen- 96

– Nezaket 47139 Ahr- 34

– Nurhan 47226 Werthauser- 133

– Nurigül 47119 Kanzler- 21a

– Osman 47239 Bonert- 36

– Osman 47226 Paul- 13

– Ramazan 47226 Werthauser- 133

– Selma 47137 Sundgau- 14

– Sevgi 47053 Wanheimer- 103

– Sönmez 47053 Eigen- 96

– Sultan 47166 Walther-Rathenau- 11

– Sükrü 47226 Eigen- 96

– Yaldiz 47139 Friedrich-Ebert- 434

– Yeter 47058 Brauer- 52

– Yilmaz 47166 Diesel- 154

– Zehra 47166 Walther-Rathenau- 11

Yazicioglullari Ahmet 47055 Gärtner- 42

– Fatma 47055 Gärtner- 42

Yazlak Baris 47139 Ahr- 32

– Cennet 47139 Ahr- 32

– Mehmet 47139 Ahr- 32

– Oktay 47139 Ahr- 32

Ye Qiming 47137 Unter den Ulmen 1

– Ying 47228 Kahlacker 5

Yeboah Kennedy 47198 Duisburger- 77

– Prince 47166 Schiller- 86

– Rita 47166 Schiller- 86

– Sandra 47179 Hamborner- 45

Yeboah Afari Justice 47051 Alte Rhein- 32

Yedier Abdullah 47139 Siebengebirgs- 30

– Hatice 47139 Siebengebirgs- 30

Yegen Canan 47259 Rosenberg- 15

– Canpolat 47259 Rosenberg- 15

– Elmas 47259 Rosenberg- 15

– Fatma 47053 Liebfrauen- 33

– Mehmet 47259 Rosenberg- 15

– Yener 47053 Liebfrauen- 33

Yegin Cetin 47053 Immendal 65

– Hanife 47053 Immendal 65

– Nurcan 47198 Süd- 53

– Nurten 47053 Immendal 62

– Selvinaz 47053 Immendal 65

– Tahsin 47053 Immendal 65

– Tekin 47053 Immendal 62

Yekebasti Ahmet 47119 Eisenbahn- 11

– Rahime 47169 Goeben- 126

Yel Adem 47249 Angertaler- 126

Gewerbebetriebe/Dienstleister nach Namen – siehe gelber Teil
A-DU
